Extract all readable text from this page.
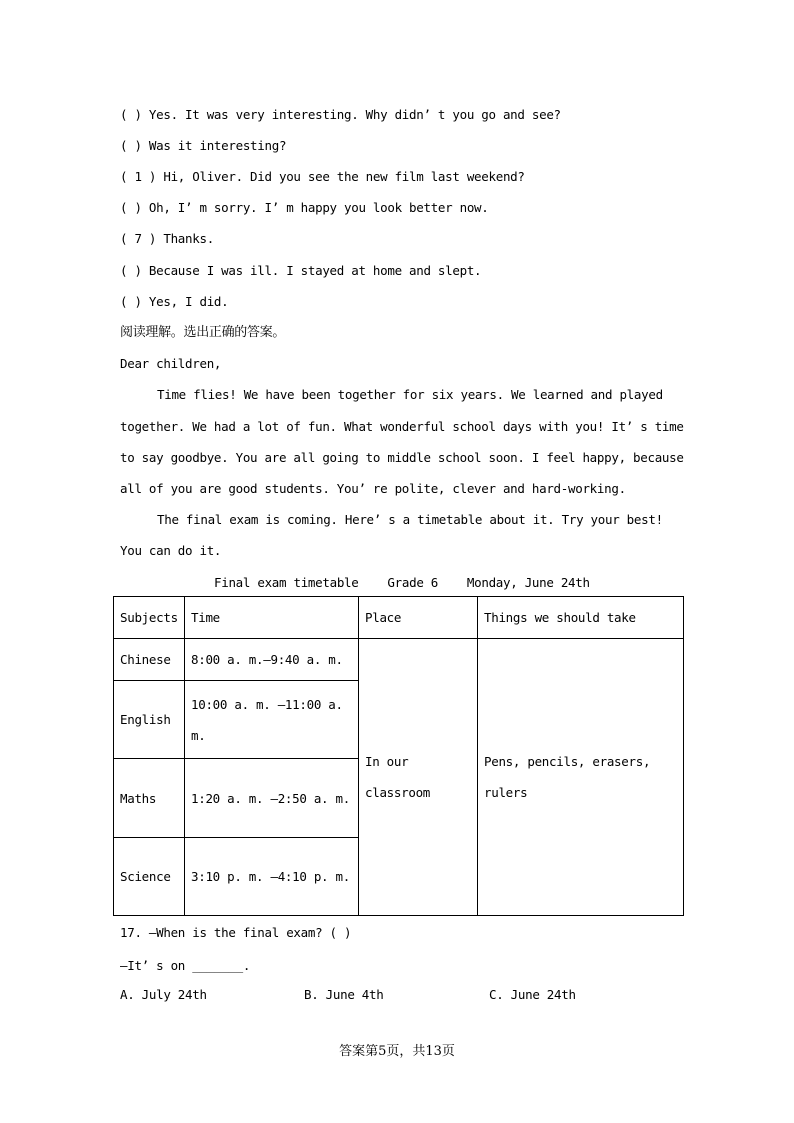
( ) Yes. It was very interesting. Why didn’ t you go and see?
( ) Was it interesting?
( 1 ) Hi, Oliver. Did you see the new film last weekend?
( ) Oh, I’ m sorry. I’ m happy you look better now.
( 7 ) Thanks.
( ) Because I was ill. I stayed at home and slept.
( ) Yes, I did.
阅读理解。选出正确的答案。
Dear children,
Time flies! We have been together for six years. We learned and played
together. We had a lot of fun. What wonderful school days with you! It’ s time
to say goodbye. You are all going to middle school soon. I feel happy, because
all of you are good students. You’ re polite, clever and hard-working.
The final exam is coming. Here’ s a timetable about it. Try your best!
You can do it.
Final exam timetable    Grade 6    Monday, June 24th
Subjects	Time	Place	Things we should take
Chinese	8:00 a. m.—9:40 a. m.	In our classroom	Pens, pencils, erasers, rulers
English	10:00 a. m. —11:00 a. m.		
Maths	1:20 a. m. —2:50 a. m.		
Science	3:10 p. m. —4:10 p. m.		
17. —When is the final exam? ( )
—It’ s on _______.
A. July 24th	B. June 4th	C. June 24th
答案第5页，共13页
